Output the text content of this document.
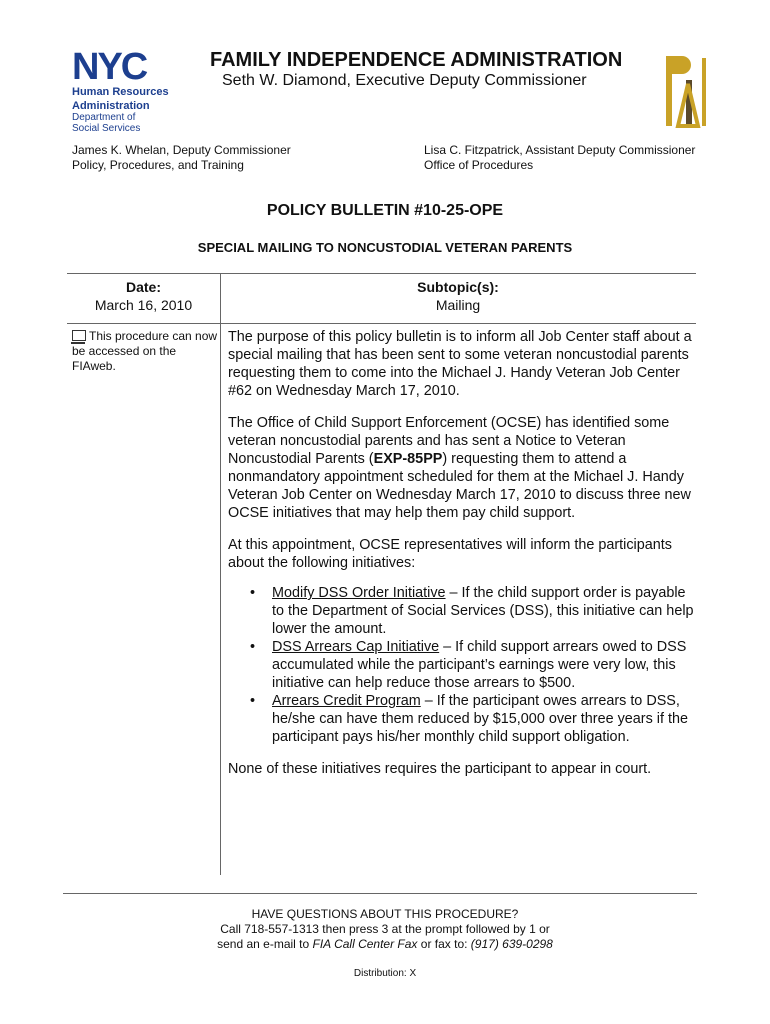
NYC
Human Resources
Administration
Department of
Social Services
FAMILY INDEPENDENCE ADMINISTRATION
Seth W. Diamond, Executive Deputy Commissioner
James K. Whelan, Deputy Commissioner
Policy, Procedures, and Training
Lisa C. Fitzpatrick, Assistant Deputy Commissioner
Office of Procedures
POLICY BULLETIN #10-25-OPE
SPECIAL MAILING TO NONCUSTODIAL VETERAN PARENTS
Date:
March 16, 2010
Subtopic(s):
Mailing
This procedure can now be accessed on the FIAweb.

The purpose of this policy bulletin is to inform all Job Center staff about a special mailing that has been sent to some veteran noncustodial parents requesting them to come into the Michael J. Handy Veteran Job Center #62 on Wednesday March 17, 2010.

The Office of Child Support Enforcement (OCSE) has identified some veteran noncustodial parents and has sent a Notice to Veteran Noncustodial Parents (EXP-85PP) requesting them to attend a nonmandatory appointment scheduled for them at the Michael J. Handy Veteran Job Center on Wednesday March 17, 2010 to discuss three new OCSE initiatives that may help them pay child support.

At this appointment, OCSE representatives will inform the participants about the following initiatives:

• Modify DSS Order Initiative – If the child support order is payable to the Department of Social Services (DSS), this initiative can help lower the amount.
• DSS Arrears Cap Initiative – If child support arrears owed to DSS accumulated while the participant’s earnings were very low, this initiative can help reduce those arrears to $500.
• Arrears Credit Program – If the participant owes arrears to DSS, he/she can have them reduced by $15,000 over three years if the participant pays his/her monthly child support obligation.

None of these initiatives requires the participant to appear in court.

HAVE QUESTIONS ABOUT THIS PROCEDURE?
Call 718-557-1313 then press 3 at the prompt followed by 1 or
send an e-mail to FIA Call Center Fax or fax to: (917) 639-0298
Distribution: X
